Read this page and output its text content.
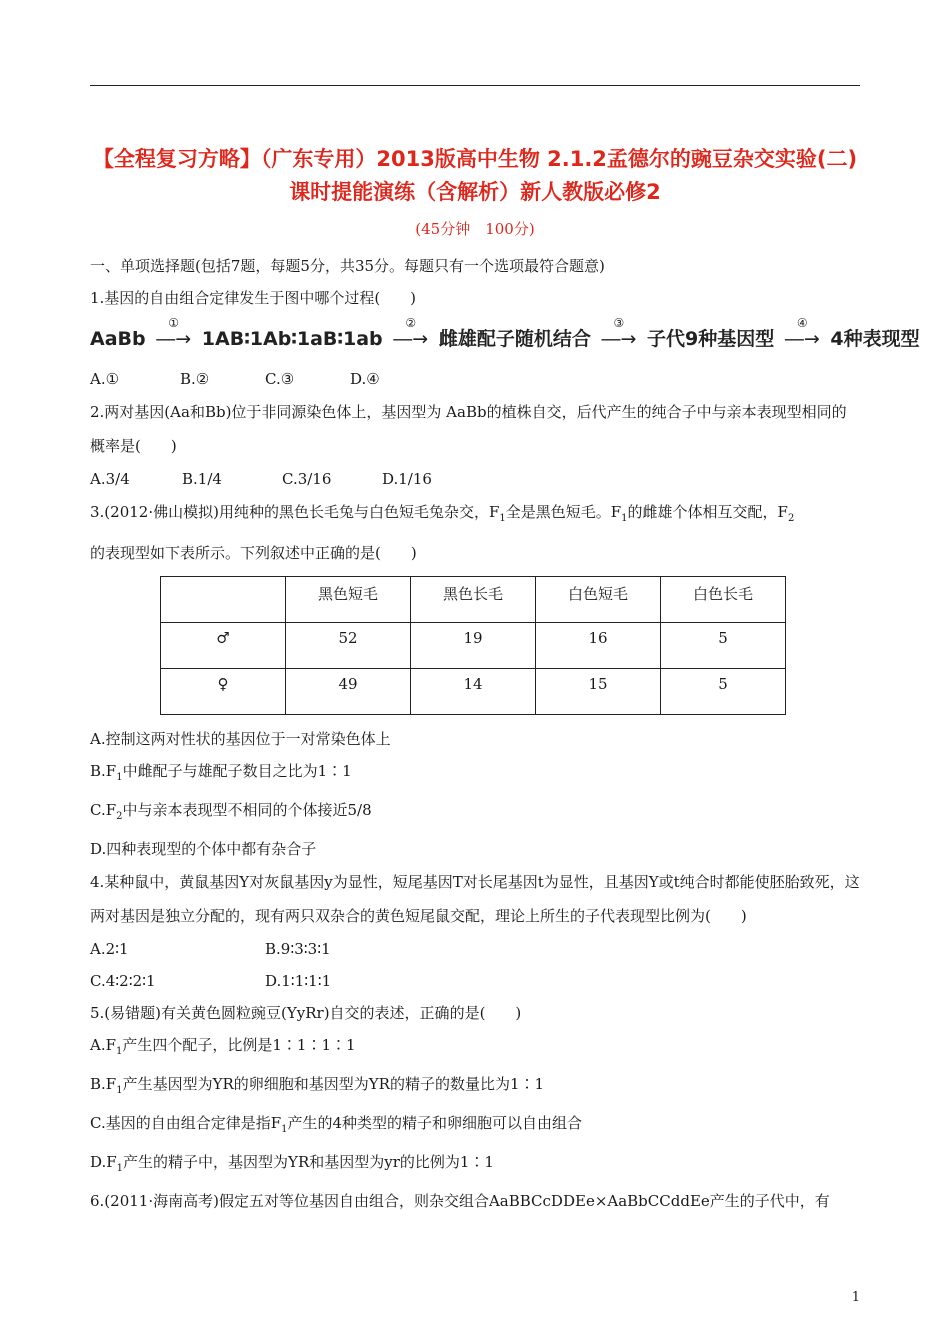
【全程复习方略】（广东专用）2013版高中生物 2.1.2孟德尔的豌豆杂交实验(二)课时提能演练（含解析）新人教版必修2
(45分钟　100分)
一、单项选择题(包括7题，每题5分，共35分。每题只有一个选项最符合题意)
1.基因的自由组合定律发生于图中哪个过程(　　)
AaBb
①
―→ 1AB∶1Ab∶1aB∶1ab
②
―→ 雌雄配子随机结合
③
―→ 子代9种基因型
④
―→ 4种表现型
A.①	B.②	C.③	D.④
2.两对基因(Aa和Bb)位于非同源染色体上，基因型为 AaBb的植株自交，后代产生的纯合子中与亲本表现型相同的概率是(　　)
A.3/4	B.1/4	C.3/16	D.1/16
3.(2012·佛山模拟)用纯种的黑色长毛兔与白色短毛兔杂交，$F_1$全是黑色短毛。$F_1$的雌雄个体相互交配，$F_2$
的表现型如下表所示。下列叙述中正确的是(　　)
	黑色短毛	黑色长毛	白色短毛	白色长毛
♂	52	19	16	5
♀	49	14	15	5
A.控制这两对性状的基因位于一对常染色体上
$B.F_1$中雌配子与雄配子数目之比为1∶1
$C.F_2$中与亲本表现型不相同的个体接近5/8
D.四种表现型的个体中都有杂合子
4.某种鼠中，黄鼠基因Y对灰鼠基因y为显性，短尾基因T对长尾基因t为显性，且基因Y或t纯合时都能使胚胎致死，这两对基因是独立分配的，现有两只双杂合的黄色短尾鼠交配，理论上所生的子代表现型比例为(　　)
A.2∶1	B.9∶3∶3∶1
C.4∶2∶2∶1	D.1∶1∶1∶1
5.(易错题)有关黄色圆粒豌豆(YyRr)自交的表述，正确的是(　　)
$A.F_1$产生四个配子，比例是1∶1∶1∶1
$B.F_1$产生基因型为YR的卵细胞和基因型为YR的精子的数量比为1∶1
C.基因的自由组合定律是指$F_1$产生的4种类型的精子和卵细胞可以自由组合
$D.F_1$产生的精子中，基因型为YR和基因型为yr的比例为1∶1
6.(2011·海南高考)假定五对等位基因自由组合，则杂交组合AaBBCcDDEe×AaBbCCddEe产生的子代中，有
1
